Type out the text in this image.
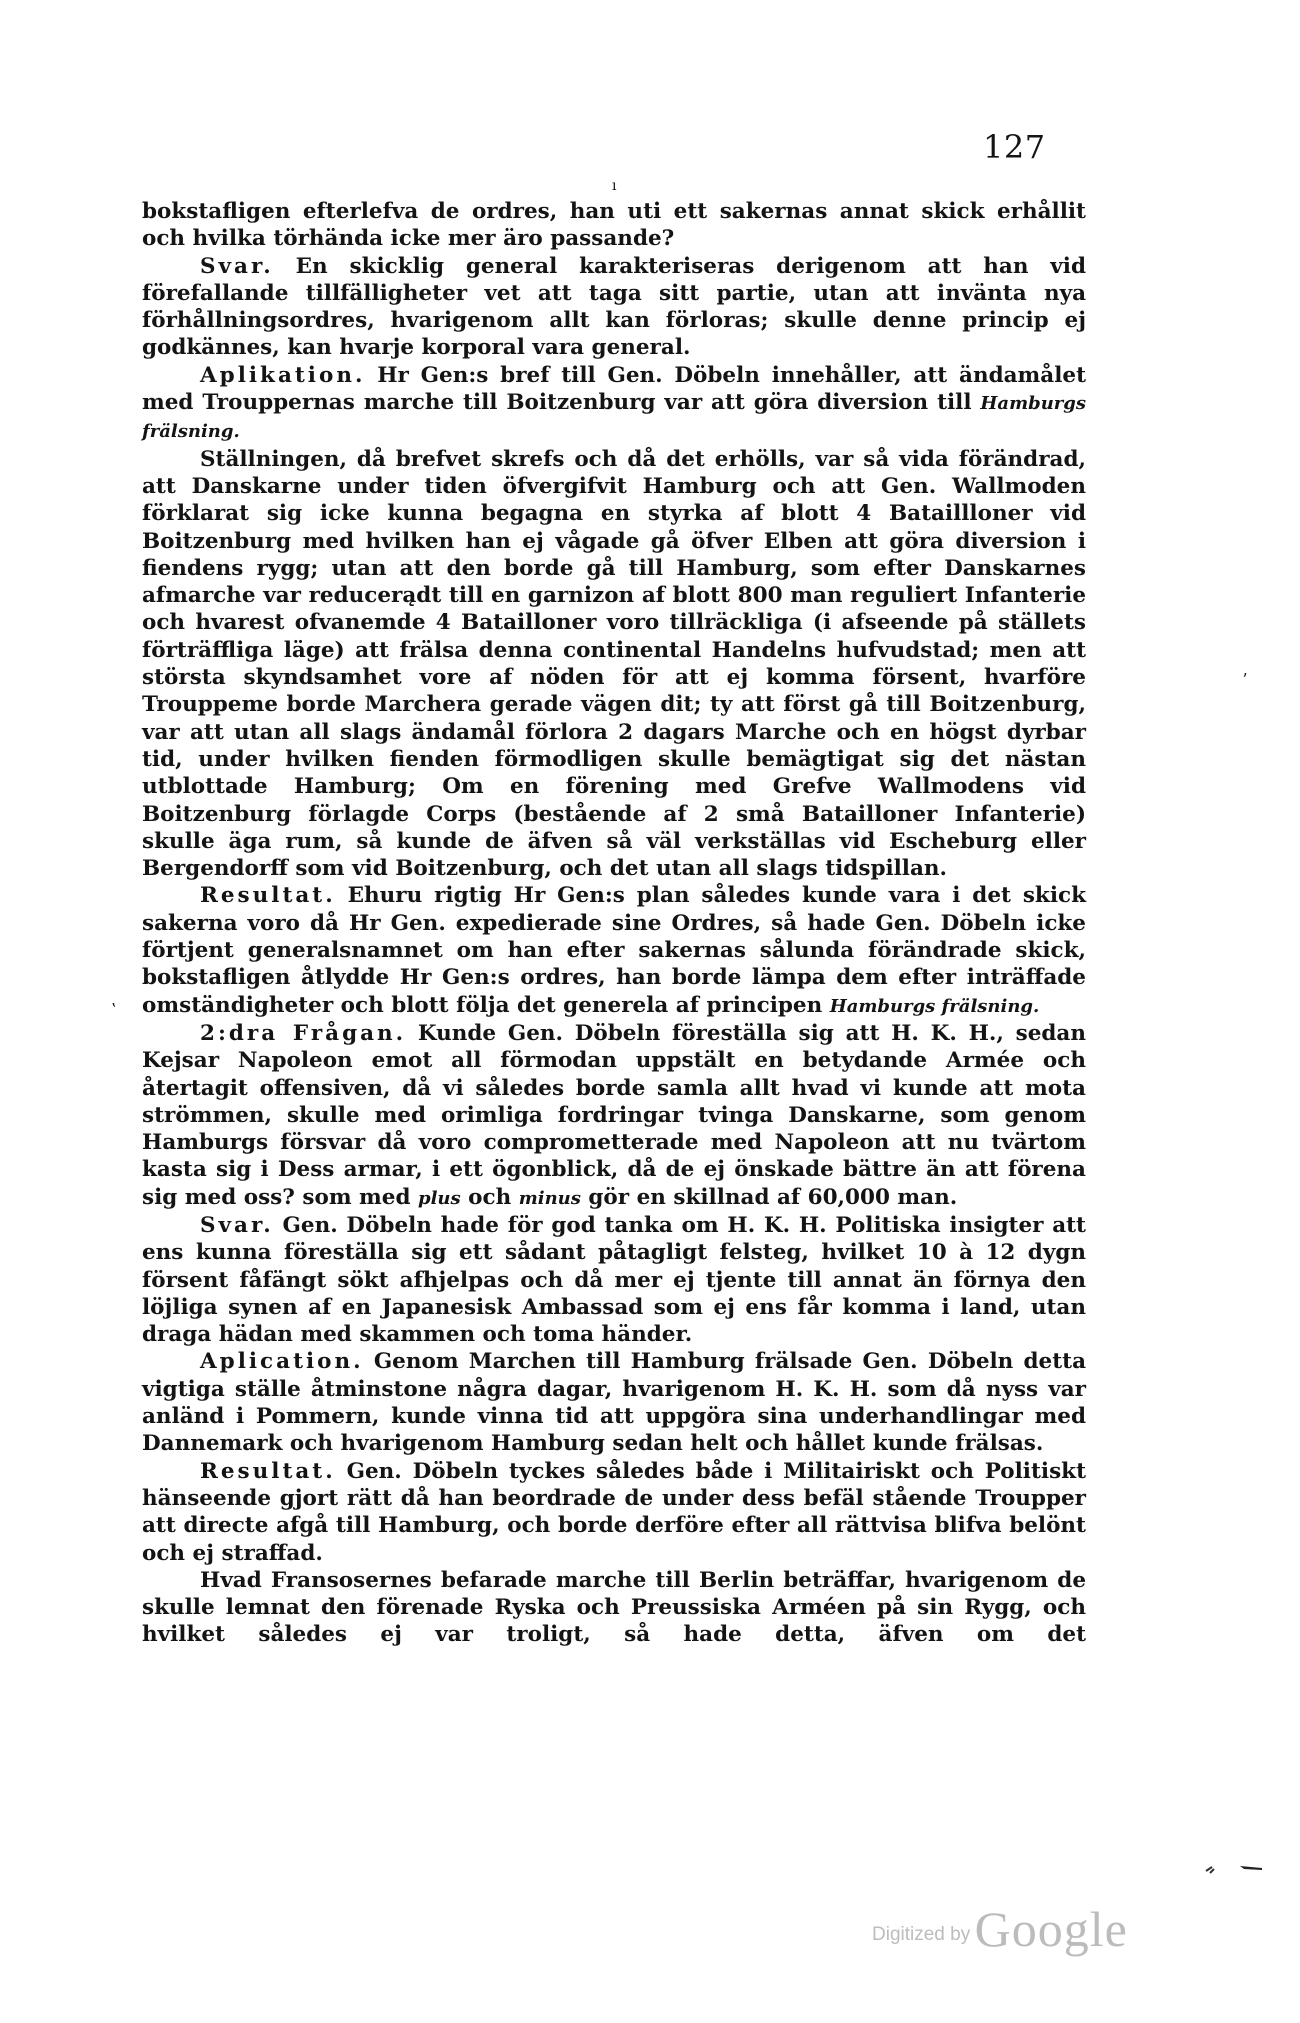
127
ı
ʼ
ʽ

bokstafligen efterlefva de ordres, han uti ett sakernas annat skick erhållit och hvilka törhända icke mer äro passande?

Svar. En skicklig general karakteriseras derigenom att han vid förefallande tillfälligheter vet att taga sitt partie, utan att invänta nya förhållningsordres, hvarigenom allt kan förloras; skulle denne princip ej godkännes, kan hvarje korporal vara general.

Aplikation. Hr Gen:s bref till Gen. Döbeln innehåller, att ändamålet med Trouppernas marche till Boitzenburg var att göra diversion till Hamburgs frälsning.

Ställningen, då brefvet skrefs och då det erhölls, var så vida förändrad, att Danskarne under tiden öfvergifvit Hamburg och att Gen. Wallmoden förklarat sig icke kunna begagna en styrka af blott 4 Bataillloner vid Boitzenburg med hvilken han ej vågade gå öfver Elben att göra diversion i fiendens rygg; utan att den borde gå till Hamburg, som efter Danskarnes afmarche var reducerądt till en garnizon af blott 800 man reguliert Infanterie och hvarest ofvanemde 4 Batailloner voro tillräckliga (i afseende på ställets förträffliga läge) att frälsa denna continental Handelns hufvudstad; men att största skyndsamhet vore af nöden för att ej komma försent, hvarföre Trouppeme borde Marchera gerade vägen dit; ty att först gå till Boitzenburg, var att utan all slags ändamål förlora 2 dagars Marche och en högst dyrbar tid, under hvilken fienden förmodligen skulle bemägtigat sig det nästan utblottade Hamburg; Om en förening med Grefve Wallmodens vid Boitzenburg förlagde Corps (bestående af 2 små Batailloner Infanterie) skulle äga rum, så kunde de äfven så väl verkställas vid Escheburg eller Bergendorff som vid Boitzenburg, och det utan all slags tidspillan.

Resultat. Ehuru rigtig Hr Gen:s plan således kunde vara i det skick sakerna voro då Hr Gen. expedierade sine Ordres, så hade Gen. Döbeln icke förtjent generalsnamnet om han efter sakernas sålunda förändrade skick, bokstafligen åtlydde Hr Gen:s ordres, han borde lämpa dem efter inträffade omständigheter och blott följa det generela af principen Hamburgs frälsning.

2:dra Frågan. Kunde Gen. Döbeln föreställa sig att H. K. H., sedan Kejsar Napoleon emot all förmodan uppstält en betydande Armée och återtagit offensiven, då vi således borde samla allt hvad vi kunde att mota strömmen, skulle med orimliga fordringar tvinga Danskarne, som genom Hamburgs försvar då voro comprometterade med Napoleon att nu tvärtom kasta sig i Dess armar, i ett ögonblick, då de ej önskade bättre än att förena sig med oss? som med plus och minus gör en skillnad af 60,000 man.

Svar. Gen. Döbeln hade för god tanka om H. K. H. Politiska insigter att ens kunna föreställa sig ett sådant påtagligt felsteg, hvilket 10 à 12 dygn försent fåfängt sökt afhjelpas och då mer ej tjente till annat än förnya den löjliga synen af en Japanesisk Ambassad som ej ens får komma i land, utan draga hädan med skammen och toma händer.

Aplication. Genom Marchen till Hamburg frälsade Gen. Döbeln detta vigtiga ställe åtminstone några dagar, hvarigenom H. K. H. som då nyss var anländ i Pommern, kunde vinna tid att uppgöra sina underhandlingar med Dannemark och hvarigenom Hamburg sedan helt och hållet kunde frälsas.

Resultat. Gen. Döbeln tyckes således både i Militairiskt och Politiskt hänseende gjort rätt då han beordrade de under dess befäl stående Troupper att directe afgå till Hamburg, och borde derföre efter all rättvisa blifva belönt och ej straffad.

Hvad Fransosernes befarade marche till Berlin beträffar, hvarigenom de skulle lemnat den förenade Ryska och Preussiska Arméen på sin Rygg, och hvilket således ej var troligt, så hade detta, äfven om det

Digitized by Google
